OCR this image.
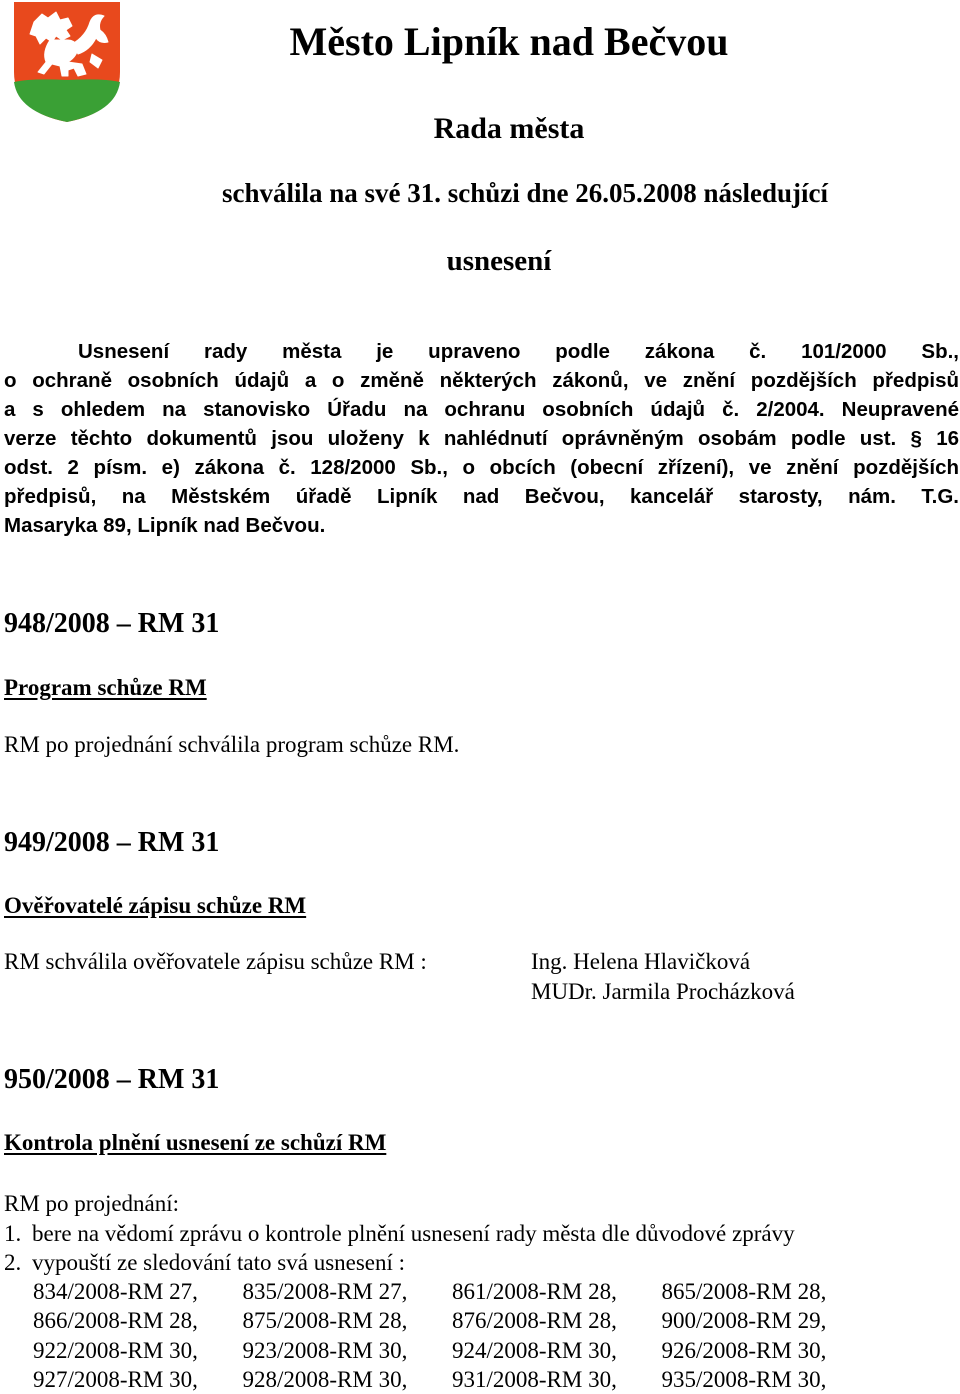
Město Lipník nad Bečvou
Rada města
schválila na své 31. schůzi dne 26.05.2008 následující
usnesení
Usnesení rady města je upraveno podle zákona č. 101/2000 Sb.,
o ochraně osobních údajů a o změně některých zákonů, ve znění pozdějších předpisů
a s ohledem na stanovisko Úřadu na ochranu osobních údajů č. 2/2004. Neupravené
verze těchto dokumentů jsou uloženy k nahlédnutí oprávněným osobám podle ust. § 16
odst. 2 písm. e) zákona č. 128/2000 Sb., o obcích (obecní zřízení), ve znění pozdějších
předpisů, na Městském úřadě Lipník nad Bečvou, kancelář starosty, nám. T.G.
Masaryka 89, Lipník nad Bečvou.
948/2008 – RM 31
Program schůze RM
RM po projednání schválila program schůze RM.
949/2008 – RM 31
Ověřovatelé zápisu schůze RM
RM schválila ověřovatele zápisu schůze RM :	Ing. Helena Hlavičková
MUDr. Jarmila Procházková
950/2008 – RM 31
Kontrola plnění usnesení ze schůzí RM
RM po projednání:
1. bere na vědomí zprávu o kontrole plnění usnesení rady města dle důvodové zprávy
2. vypouští ze sledování tato svá usnesení :
834/2008-RM 27, 835/2008-RM 27, 861/2008-RM 28, 865/2008-RM 28,
866/2008-RM 28, 875/2008-RM 28, 876/2008-RM 28, 900/2008-RM 29,
922/2008-RM 30, 923/2008-RM 30, 924/2008-RM 30, 926/2008-RM 30,
927/2008-RM 30, 928/2008-RM 30, 931/2008-RM 30, 935/2008-RM 30,
